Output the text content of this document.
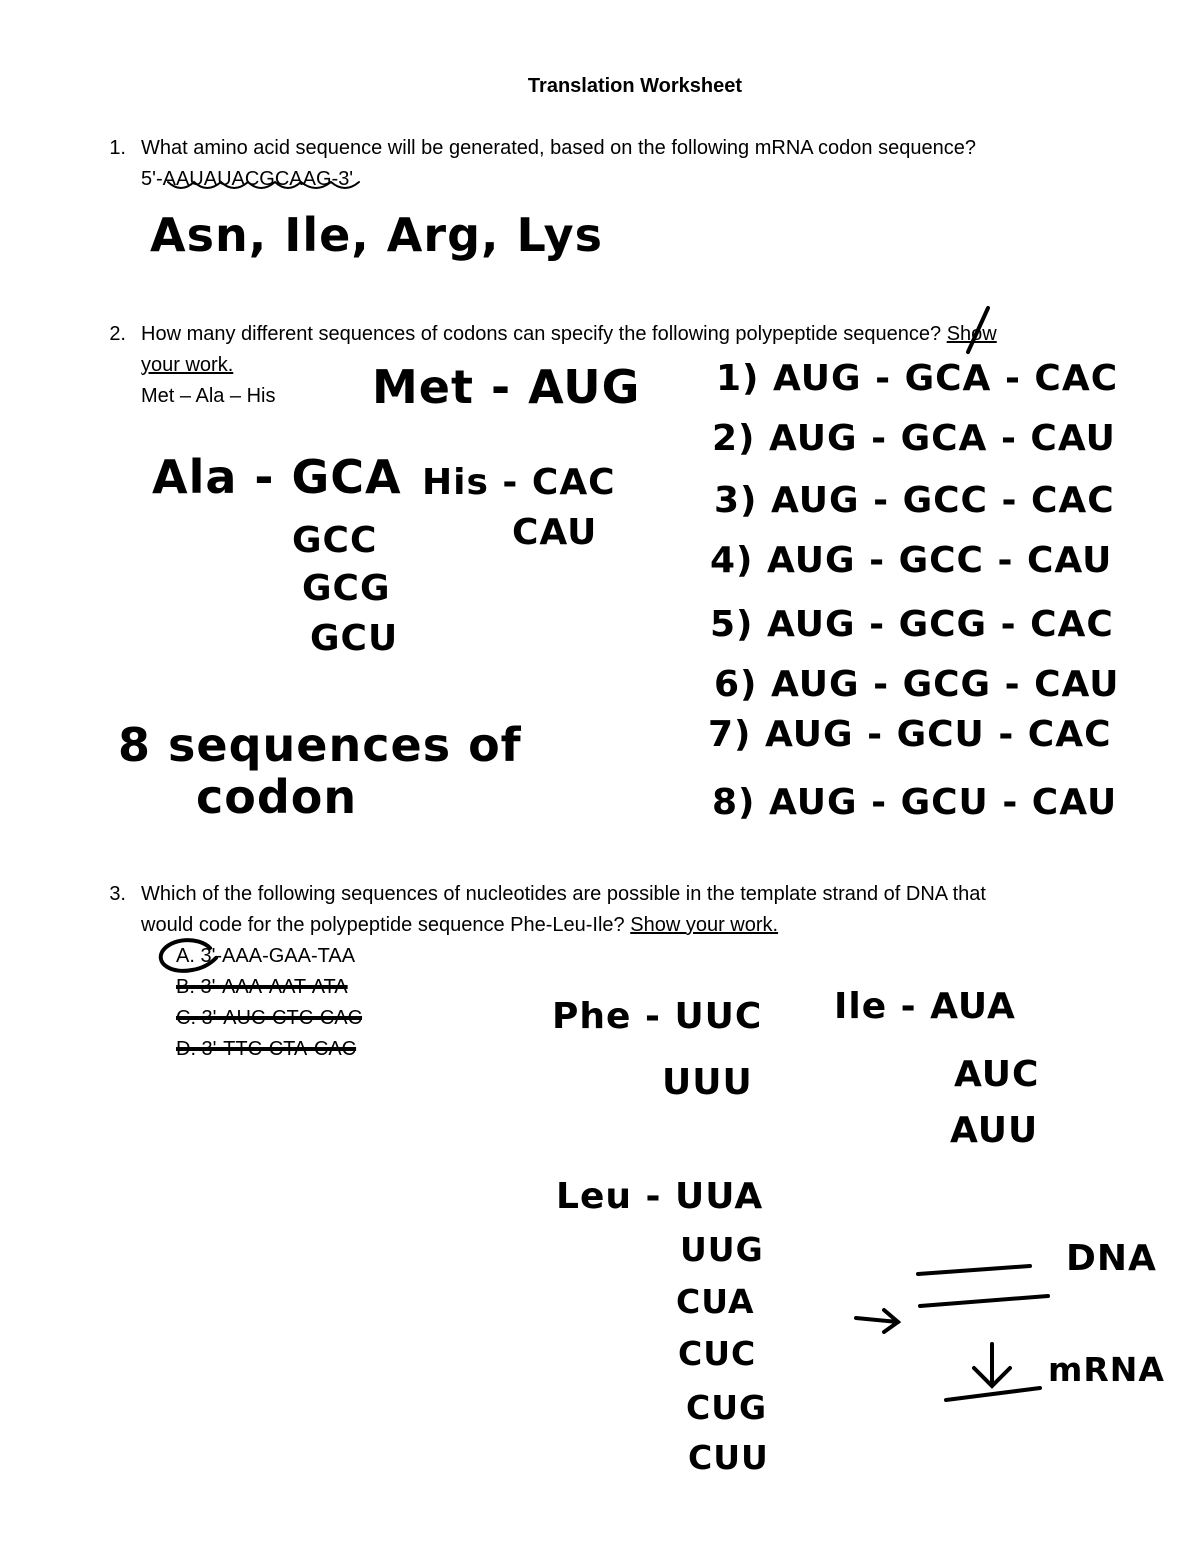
Translation Worksheet
1. What amino acid sequence will be generated, based on the following mRNA codon sequence?
5'-AAUAUACGCAAG-3'
Asn, Ile, Arg, Lys
2. How many different sequences of codons can specify the following polypeptide sequence? Show
your work.
Met – Ala – His Met - AUG
Ala - GCA
GCC
GCG
GCU
His - CAC
CAU
8 sequences of
codon
1) AUG - GCA - CAC
2) AUG - GCA - CAU
3) AUG - GCC - CAC
4) AUG - GCC - CAU
5) AUG - GCG - CAC
6) AUG - GCG - CAU
7) AUG - GCU - CAC
8) AUG - GCU - CAU
3. Which of the following sequences of nucleotides are possible in the template strand of DNA that
would code for the polypeptide sequence Phe-Leu-Ile? Show your work.
A. 3'-AAA-GAA-TAA
B. 3'-AAA-AAT-ATA
C. 3'-AUC-CTC-CAC
D. 3'-TTC-CTA-CAC
Phe - UUC
UUU
Ile - AUA
AUC
AUU
Leu - UUA
UUG
CUA
CUC
CUG
CUU
DNA
mRNA
